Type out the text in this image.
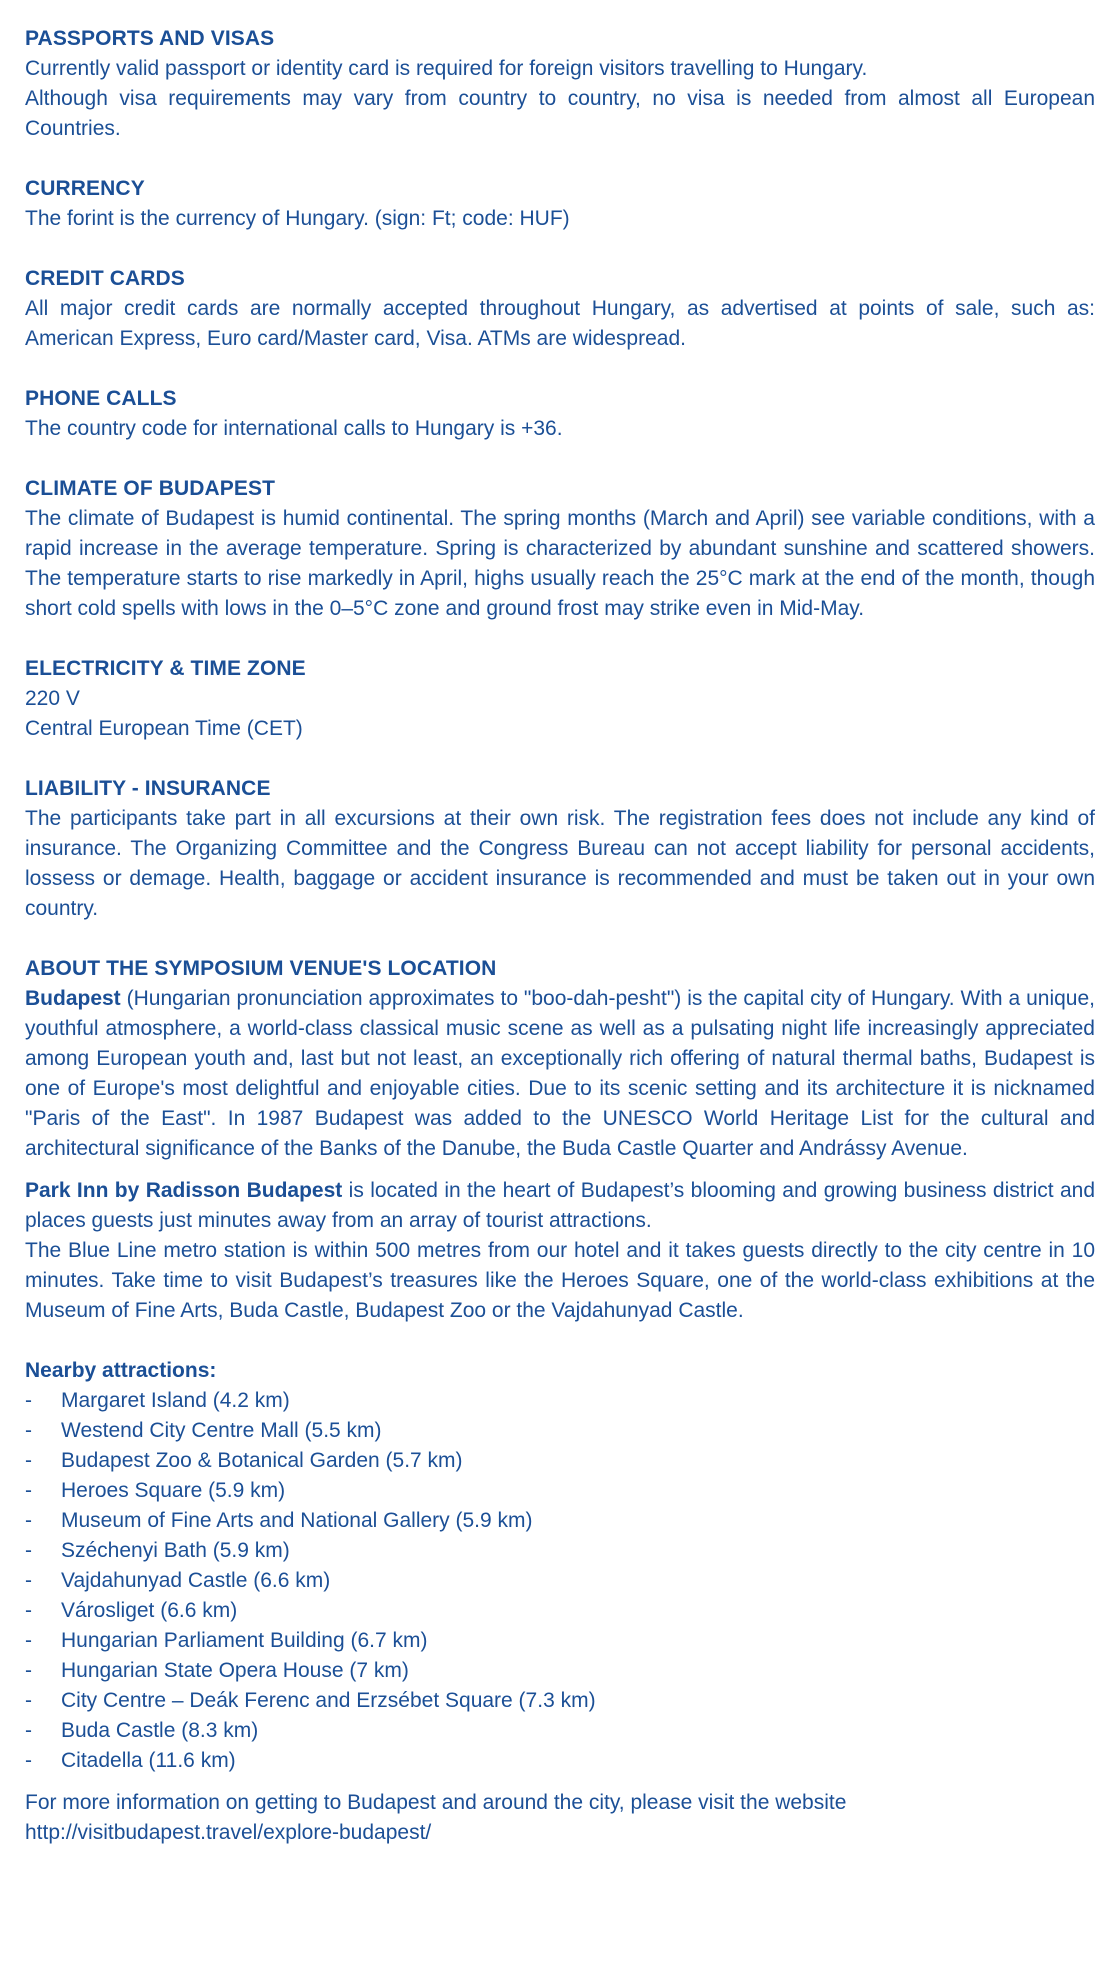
PASSPORTS AND VISAS

Currently valid passport or identity card is required for foreign visitors travelling to Hungary.

Although visa requirements may vary from country to country, no visa is needed from almost all European Countries.

CURRENCY

The forint is the currency of Hungary. (sign: Ft; code: HUF)

CREDIT CARDS

All major credit cards are normally accepted throughout Hungary, as advertised at points of sale, such as: American Express, Euro card/Master card, Visa. ATMs are widespread.

PHONE CALLS

The country code for international calls to Hungary is +36.

CLIMATE OF BUDAPEST

The climate of Budapest is humid continental. The spring months (March and April) see variable conditions, with a rapid increase in the average temperature. Spring is characterized by abundant sunshine and scattered showers. The temperature starts to rise markedly in April, highs usually reach the 25°C mark at the end of the month, though short cold spells with lows in the 0–5°C zone and ground frost may strike even in Mid-May.

ELECTRICITY & TIME ZONE

220 V

Central European Time (CET)

LIABILITY - INSURANCE

The participants take part in all excursions at their own risk. The registration fees does not include any kind of insurance. The Organizing Committee and the Congress Bureau can not accept liability for personal accidents, lossess or demage. Health, baggage or accident insurance is recommended and must be taken out in your own country.

ABOUT THE SYMPOSIUM VENUE'S LOCATION

Budapest (Hungarian pronunciation approximates to "boo-dah-pesht") is the capital city of Hungary. With a unique, youthful atmosphere, a world-class classical music scene as well as a pulsating night life increasingly appreciated among European youth and, last but not least, an exceptionally rich offering of natural thermal baths, Budapest is one of Europe's most delightful and enjoyable cities. Due to its scenic setting and its architecture it is nicknamed "Paris of the East". In 1987 Budapest was added to the UNESCO World Heritage List for the cultural and architectural significance of the Banks of the Danube, the Buda Castle Quarter and Andrássy Avenue.

Park Inn by Radisson Budapest is located in the heart of Budapest’s blooming and growing business district and places guests just minutes away from an array of tourist attractions.

The Blue Line metro station is within 500 metres from our hotel and it takes guests directly to the city centre in 10 minutes. Take time to visit Budapest’s treasures like the Heroes Square, one of the world-class exhibitions at the Museum of Fine Arts, Buda Castle, Budapest Zoo or the Vajdahunyad Castle.

Nearby attractions:

-	Margaret Island (4.2 km)
-	Westend City Centre Mall (5.5 km)
-	Budapest Zoo & Botanical Garden (5.7 km)
-	Heroes Square (5.9 km)
-	Museum of Fine Arts and National Gallery (5.9 km)
-	Széchenyi Bath (5.9 km)
-	Vajdahunyad Castle (6.6 km)
-	Városliget (6.6 km)
-	Hungarian Parliament Building (6.7 km)
-	Hungarian State Opera House (7 km)
-	City Centre – Deák Ferenc and Erzsébet Square (7.3 km)
-	Buda Castle (8.3 km)
-	Citadella (11.6 km)

For more information on getting to Budapest and around the city, please visit the website

http://visitbudapest.travel/explore-budapest/
